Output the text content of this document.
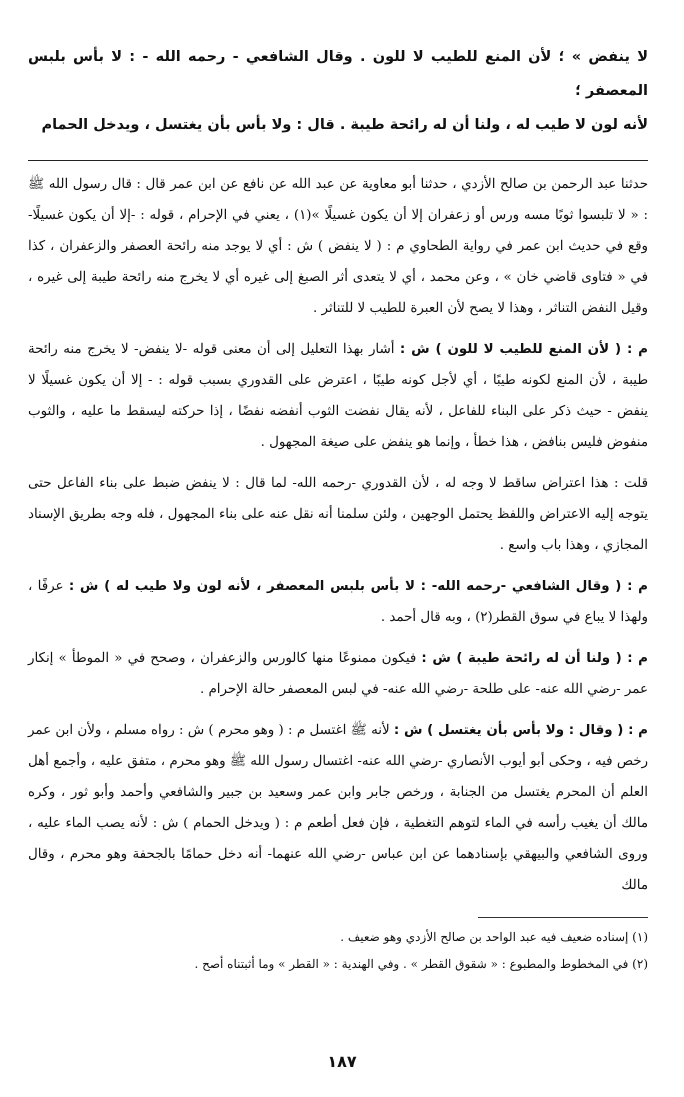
لا ينفض » ؛ لأن المنع للطيب لا للون . وقال الشافعي - رحمه الله - : لا بأس بلبس المعصفر ؛
لأنه لون لا طيب له ، ولنا أن له رائحة طيبة . قال : ولا بأس بأن يغتسل ، ويدخل الحمام

حدثنا عبد الرحمن بن صالح الأزدي ، حدثنا أبو معاوية عن عبد الله عن نافع عن ابن عمر قال : قال رسول الله ﷺ : « لا تلبسوا ثوبًا مسه ورس أو زعفران إلا أن يكون غسيلًا »(١) ، يعني في الإحرام ، قوله : -إلا أن يكون غسيلًا- وقع في حديث ابن عمر في رواية الطحاوي م : ( لا ينفض ) ش : أي لا يوجد منه رائحة العصفر والزعفران ، كذا في « فتاوى قاضي خان » ، وعن محمد ، أي لا يتعدى أثر الصبغ إلى غيره أي لا يخرج منه رائحة طيبة إلى غيره ، وقيل النفض التناثر ، وهذا لا يصح لأن العبرة للطيب لا للتناثر .

م : ( لأن المنع للطيب لا للون ) ش : أشار بهذا التعليل إلى أن معنى قوله -لا ينفض- لا يخرج منه رائحة طيبة ، لأن المنع لكونه طيبًا ، أي لأجل كونه طيبًا ، اعترض على القدوري بسبب قوله : - إلا أن يكون غسيلًا لا ينفض - حيث ذكر على البناء للفاعل ، لأنه يقال نفضت الثوب أنفضه نفضًا ، إذا حركته ليسقط ما عليه ، والثوب منفوض فليس بنافض ، هذا خطأ ، وإنما هو ينفض على صيغة المجهول .

قلت : هذا اعتراض ساقط لا وجه له ، لأن القدوري -رحمه الله- لما قال : لا ينفض ضبط على بناء الفاعل حتى يتوجه إليه الاعتراض واللفظ يحتمل الوجهين ، ولئن سلمنا أنه نقل عنه على بناء المجهول ، فله وجه بطريق الإسناد المجازي ، وهذا باب واسع .

م : ( وقال الشافعي -رحمه الله- : لا بأس بلبس المعصفر ، لأنه لون ولا طيب له ) ش : عرفًا ، ولهذا لا يباع في سوق القطر(٢) ، وبه قال أحمد .

م : ( ولنا أن له رائحة طيبة ) ش : فيكون ممنوعًا منها كالورس والزعفران ، وصحح في « الموطأ » إنكار عمر -رضي الله عنه- على طلحة -رضي الله عنه- في لبس المعصفر حالة الإحرام .

م : ( وقال : ولا بأس بأن يغتسل ) ش : لأنه ﷺ اغتسل م : ( وهو محرم ) ش : رواه مسلم ، ولأن ابن عمر رخص فيه ، وحكى أبو أيوب الأنصاري -رضي الله عنه- اغتسال رسول الله ﷺ وهو محرم ، متفق عليه ، وأجمع أهل العلم أن المحرم يغتسل من الجنابة ، ورخص جابر وابن عمر وسعيد بن جبير والشافعي وأحمد وأبو ثور ، وكره مالك أن يغيب رأسه في الماء لتوهم التغطية ، فإن فعل أطعم م : ( ويدخل الحمام ) ش : لأنه يصب الماء عليه ، وروى الشافعي والبيهقي بإسنادهما عن ابن عباس -رضي الله عنهما- أنه دخل حمامًا بالجحفة وهو محرم ، وقال مالك

(١) إسناده ضعيف فيه عبد الواحد بن صالح الأزدي وهو ضعيف .

(٢) في المخطوط والمطبوع : « شقوق القطر » . وفي الهندية : « القطر » وما أثبتناه أصح .

١٨٧
